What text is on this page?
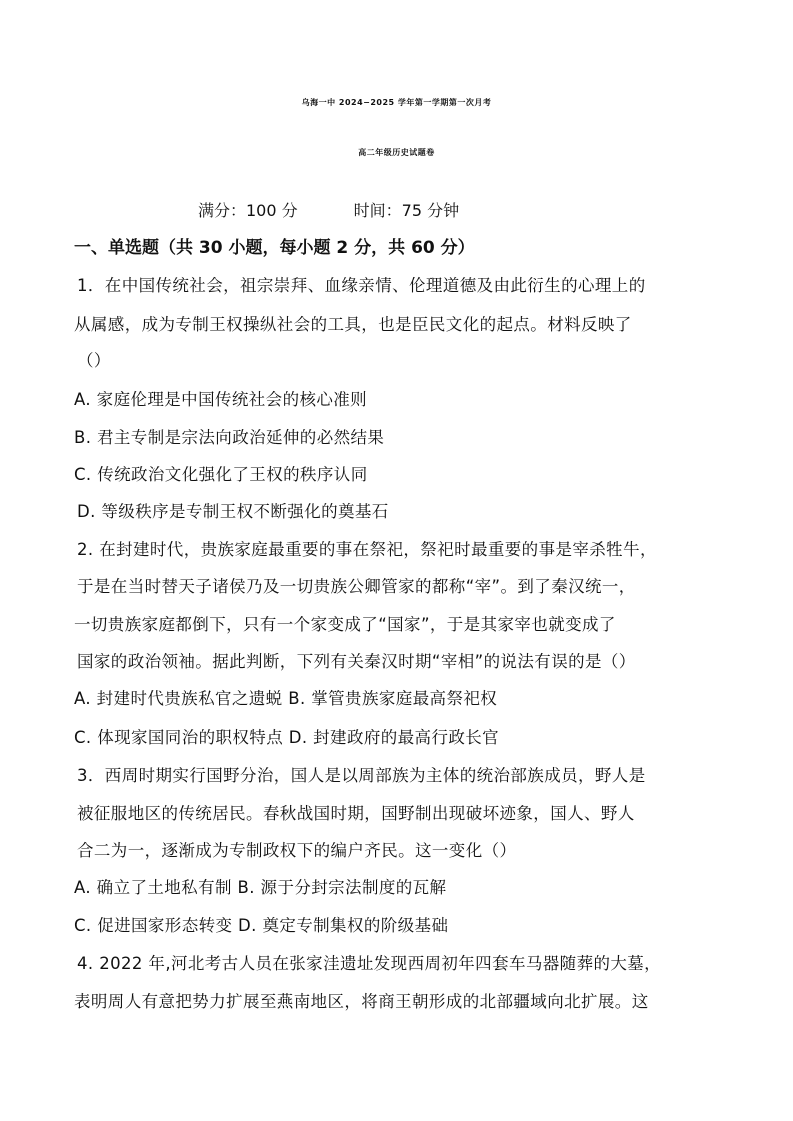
乌海一中 2024−2025 学年第一学期第一次月考
高二年级历史试题卷
满分：100 分	时间：75 分钟
一、单选题（共 30 小题，每小题 2 分，共 60 分）
1．在中国传统社会，祖宗崇拜、血缘亲情、伦理道德及由此衍生的心理上的
从属感，成为专制王权操纵社会的工具，也是臣民文化的起点。材料反映了
（）
A. 家庭伦理是中国传统社会的核心准则
B. 君主专制是宗法向政治延伸的必然结果
C. 传统政治文化强化了王权的秩序认同
D. 等级秩序是专制王权不断强化的奠基石
2. 在封建时代，贵族家庭最重要的事在祭祀，祭祀时最重要的事是宰杀牲牛，
于是在当时替天子诸侯乃及一切贵族公卿管家的都称“宰”。到了秦汉统一，
一切贵族家庭都倒下，只有一个家变成了“国家”，于是其家宰也就变成了
国家的政治领袖。据此判断，下列有关秦汉时期“宰相”的说法有误的是（）
A. 封建时代贵族私官之遗蜕 B. 掌管贵族家庭最高祭祀权
C. 体现家国同治的职权特点 D. 封建政府的最高行政长官
3．西周时期实行国野分治，国人是以周部族为主体的统治部族成员，野人是
被征服地区的传统居民。春秋战国时期，国野制出现破坏迹象，国人、野人
合二为一，逐渐成为专制政权下的编户齐民。这一变化（）
A. 确立了土地私有制 B. 源于分封宗法制度的瓦解
C. 促进国家形态转变 D. 奠定专制集权的阶级基础
4. 2022 年,河北考古人员在张家洼遗址发现西周初年四套车马器随葬的大墓，
表明周人有意把势力扩展至燕南地区，将商王朝形成的北部疆域向北扩展。这
